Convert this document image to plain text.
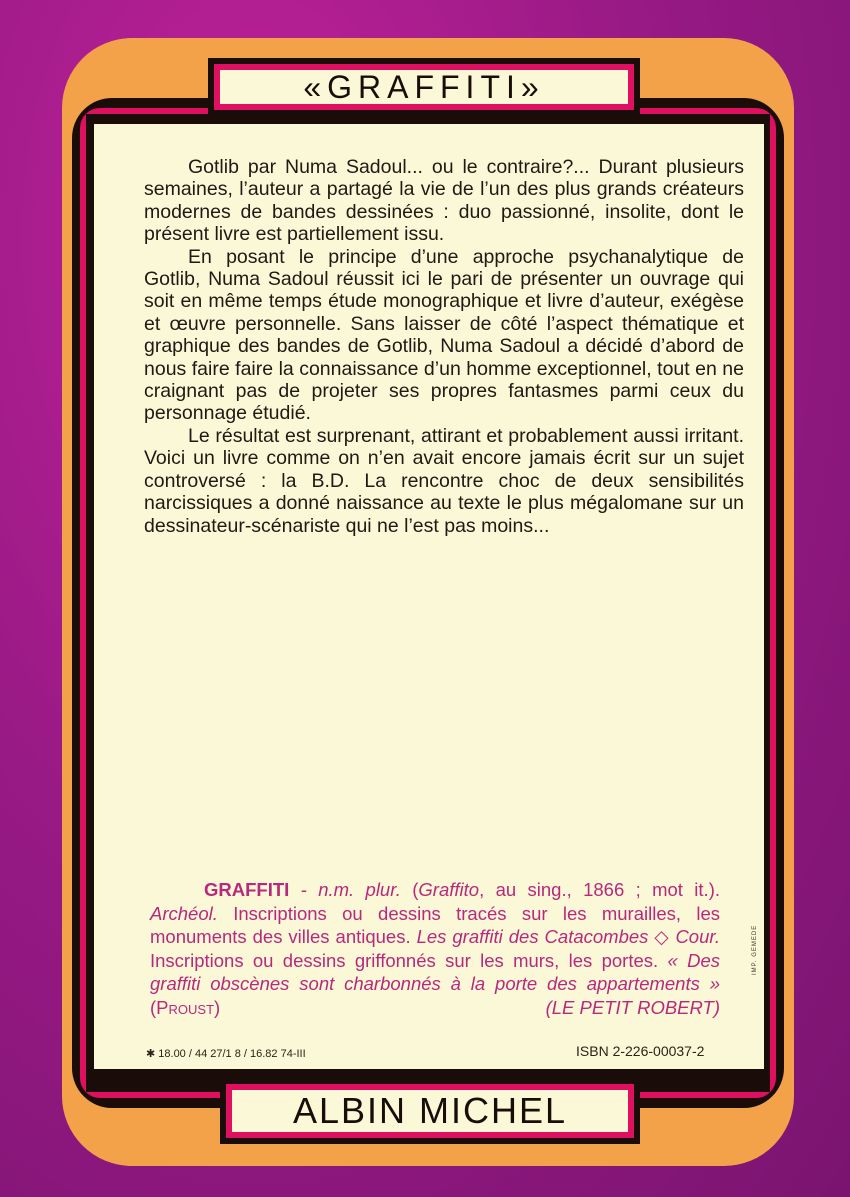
«GRAFFITI»

Gotlib par Numa Sadoul... ou le contraire?... Durant plusieurs semaines, l’auteur a partagé la vie de l’un des plus grands créateurs modernes de bandes dessinées : duo passionné, insolite, dont le présent livre est partiellement issu.

En posant le principe d’une approche psychanalytique de Gotlib, Numa Sadoul réussit ici le pari de présenter un ouvrage qui soit en même temps étude monographique et livre d’auteur, exégèse et œuvre personnelle. Sans laisser de côté l’aspect thématique et graphique des bandes de Gotlib, Numa Sadoul a décidé d’abord de nous faire faire la connaissance d’un homme exceptionnel, tout en ne craignant pas de projeter ses propres fantasmes parmi ceux du personnage étudié.

Le résultat est surprenant, attirant et probablement aussi irritant. Voici un livre comme on n’en avait encore jamais écrit sur un sujet controversé : la B.D. La rencontre choc de deux sensibilités narcissiques a donné naissance au texte le plus mégalomane sur un dessinateur-scénariste qui ne l’est pas moins...

GRAFFITI - n.m. plur. (Graffito, au sing., 1866 ; mot it.). Archéol. Inscriptions ou dessins tracés sur les murailles, les monuments des villes antiques. Les graffiti des Catacombes ◇ Cour. Inscriptions ou dessins griffonnés sur les murs, les portes. « Des graffiti obscènes sont charbonnés à la porte des appartements » (Proust)	(LE PETIT ROBERT)
✱ 18.00 / 44 27/1 8 / 16.82 74-III	ISBN 2-226-00037-2
IMP. GEMEDE
ALBIN MICHEL
